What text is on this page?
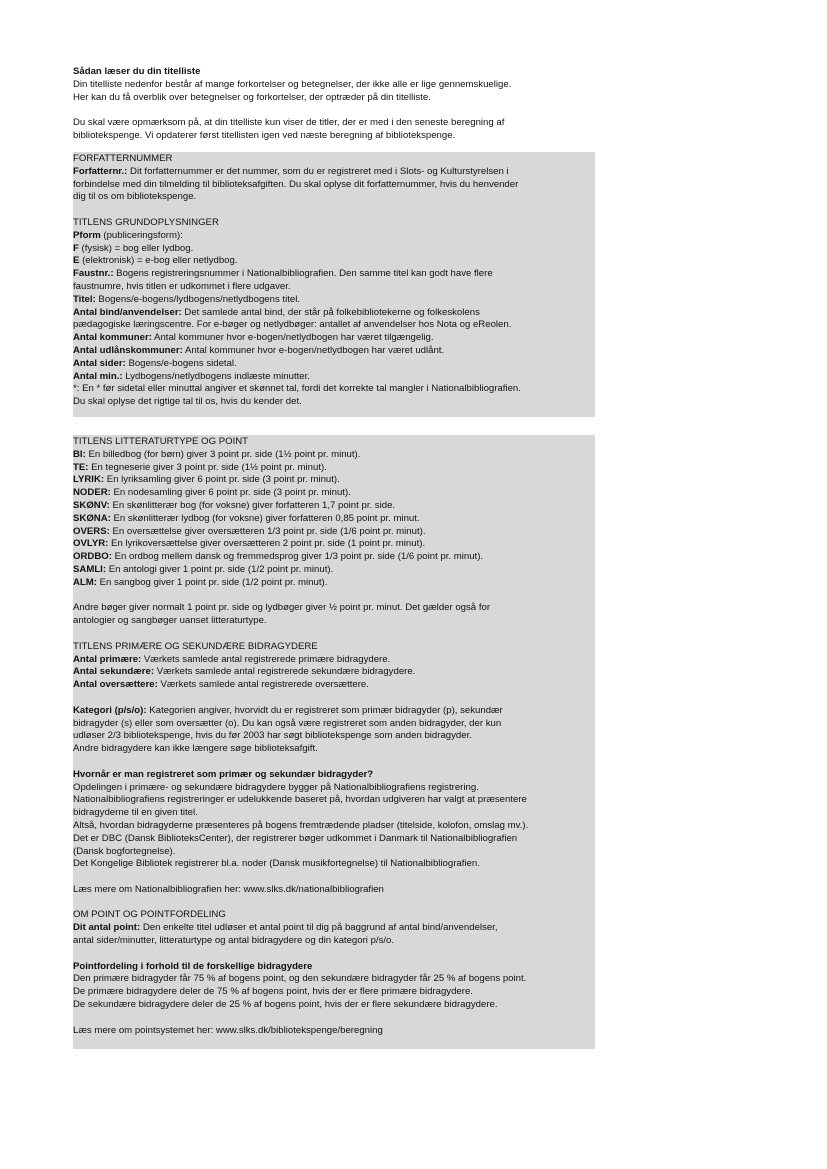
Sådan læser du din titelliste

Din titelliste nedenfor består af mange forkortelser og betegnelser, der ikke alle er lige gennemskuelige.

Her kan du få overblik over betegnelser og forkortelser, der optræder på din titelliste.

Du skal være opmærksom på, at din titelliste kun viser de titler, der er med i den seneste beregning af

bibliotekspenge. Vi opdaterer først titellisten igen ved næste beregning af bibliotekspenge.

FORFATTERNUMMER

Forfatternr.: Dit forfatternummer er det nummer, som du er registreret med i Slots- og Kulturstyrelsen i

forbindelse med din tilmelding til biblioteksafgiften. Du skal oplyse dit forfatternummer, hvis du henvender

dig til os om bibliotekspenge.

TITLENS GRUNDOPLYSNINGER

Pform (publiceringsform):

F (fysisk) = bog eller lydbog.

E (elektronisk) = e-bog eller netlydbog.

Faustnr.: Bogens registreringsnummer i Nationalbibliografien. Den samme titel kan godt have flere

faustnumre, hvis titlen er udkommet i flere udgaver.

Titel: Bogens/e-bogens/lydbogens/netlydbogens titel.

Antal bind/anvendelser: Det samlede antal bind, der står på folkebibliotekerne og folkeskolens

pædagogiske læringscentre. For e-bøger og netlydbøger: antallet af anvendelser hos Nota og eReolen.

Antal kommuner: Antal kommuner hvor e-bogen/netlydbogen har været tilgængelig.

Antal udlånskommuner: Antal kommuner hvor e-bogen/netlydbogen har været udlånt.

Antal sider: Bogens/e-bogens sidetal.

Antal min.: Lydbogens/netlydbogens indlæste minutter.

*: En * før sidetal eller minuttal angiver et skønnet tal, fordi det korrekte tal mangler i Nationalbibliografien.

Du skal oplyse det rigtige tal til os, hvis du kender det.

TITLENS LITTERATURTYPE OG POINT

BI: En billedbog (for børn) giver 3 point pr. side (1½ point pr. minut).

TE: En tegneserie giver 3 point pr. side (1½ point pr. minut).

LYRIK: En lyriksamling giver 6 point pr. side (3 point pr. minut).

NODER: En nodesamling giver 6 point pr. side (3 point pr. minut).

SKØNV: En skønlitterær bog (for voksne) giver forfatteren 1,7 point pr. side.

SKØNA: En skønlitterær lydbog (for voksne) giver forfatteren 0,85 point pr. minut.

OVERS: En oversættelse giver oversætteren 1/3 point pr. side (1/6 point pr. minut).

OVLYR: En lyrikoversættelse giver oversætteren 2 point pr. side (1 point pr. minut).

ORDBO: En ordbog mellem dansk og fremmedsprog giver 1/3 point pr. side (1/6 point pr. minut).

SAMLI: En antologi giver 1 point pr. side (1/2 point pr. minut).

ALM: En sangbog giver 1 point pr. side (1/2 point pr. minut).

Andre bøger giver normalt 1 point pr. side og lydbøger giver ½ point pr. minut. Det gælder også for

antologier og sangbøger uanset litteraturtype.

TITLENS PRIMÆRE OG SEKUNDÆRE BIDRAGYDERE

Antal primære: Værkets samlede antal registrerede primære bidragydere.

Antal sekundære: Værkets samlede antal registrerede sekundære bidragydere.

Antal oversættere: Værkets samlede antal registrerede oversættere.

Kategori (p/s/o): Kategorien angiver, hvorvidt du er registreret som primær bidragyder (p), sekundær

bidragyder (s) eller som oversætter (o). Du kan også være registreret som anden bidragyder, der kun

udløser 2/3 bibliotekspenge, hvis du før 2003 har søgt bibliotekspenge som anden bidragyder.

Andre bidragydere kan ikke længere søge biblioteksafgift.

Hvornår er man registreret som primær og sekundær bidragyder?

Opdelingen i primære- og sekundære bidragydere bygger på Nationalbibliografiens registrering.

Nationalbibliografiens registreringer er udelukkende baseret på, hvordan udgiveren har valgt at præsentere

bidragyderne til en given titel.

Altså, hvordan bidragyderne præsenteres på bogens fremtrædende pladser (titelside, kolofon, omslag mv.).

Det er DBC (Dansk BiblioteksCenter), der registrerer bøger udkommet i Danmark til Nationalbibliografien

(Dansk bogfortegnelse).

Det Kongelige Bibliotek registrerer bl.a. noder (Dansk musikfortegnelse) til Nationalbibliografien.

Læs mere om Nationalbibliografien her: www.slks.dk/nationalbibliografien

OM POINT OG POINTFORDELING

Dit antal point: Den enkelte titel udløser et antal point til dig på baggrund af antal bind/anvendelser,

antal sider/minutter, litteraturtype og antal bidragydere og din kategori p/s/o.

Pointfordeling i forhold til de forskellige bidragydere

Den primære bidragyder får 75 % af bogens point, og den sekundære bidragyder får 25 % af bogens point.

De primære bidragydere deler de 75 % af bogens point, hvis der er flere primære bidragydere.

De sekundære bidragydere deler de 25 % af bogens point, hvis der er flere sekundære bidragydere.

Læs mere om pointsystemet her: www.slks.dk/bibliotekspenge/beregning
